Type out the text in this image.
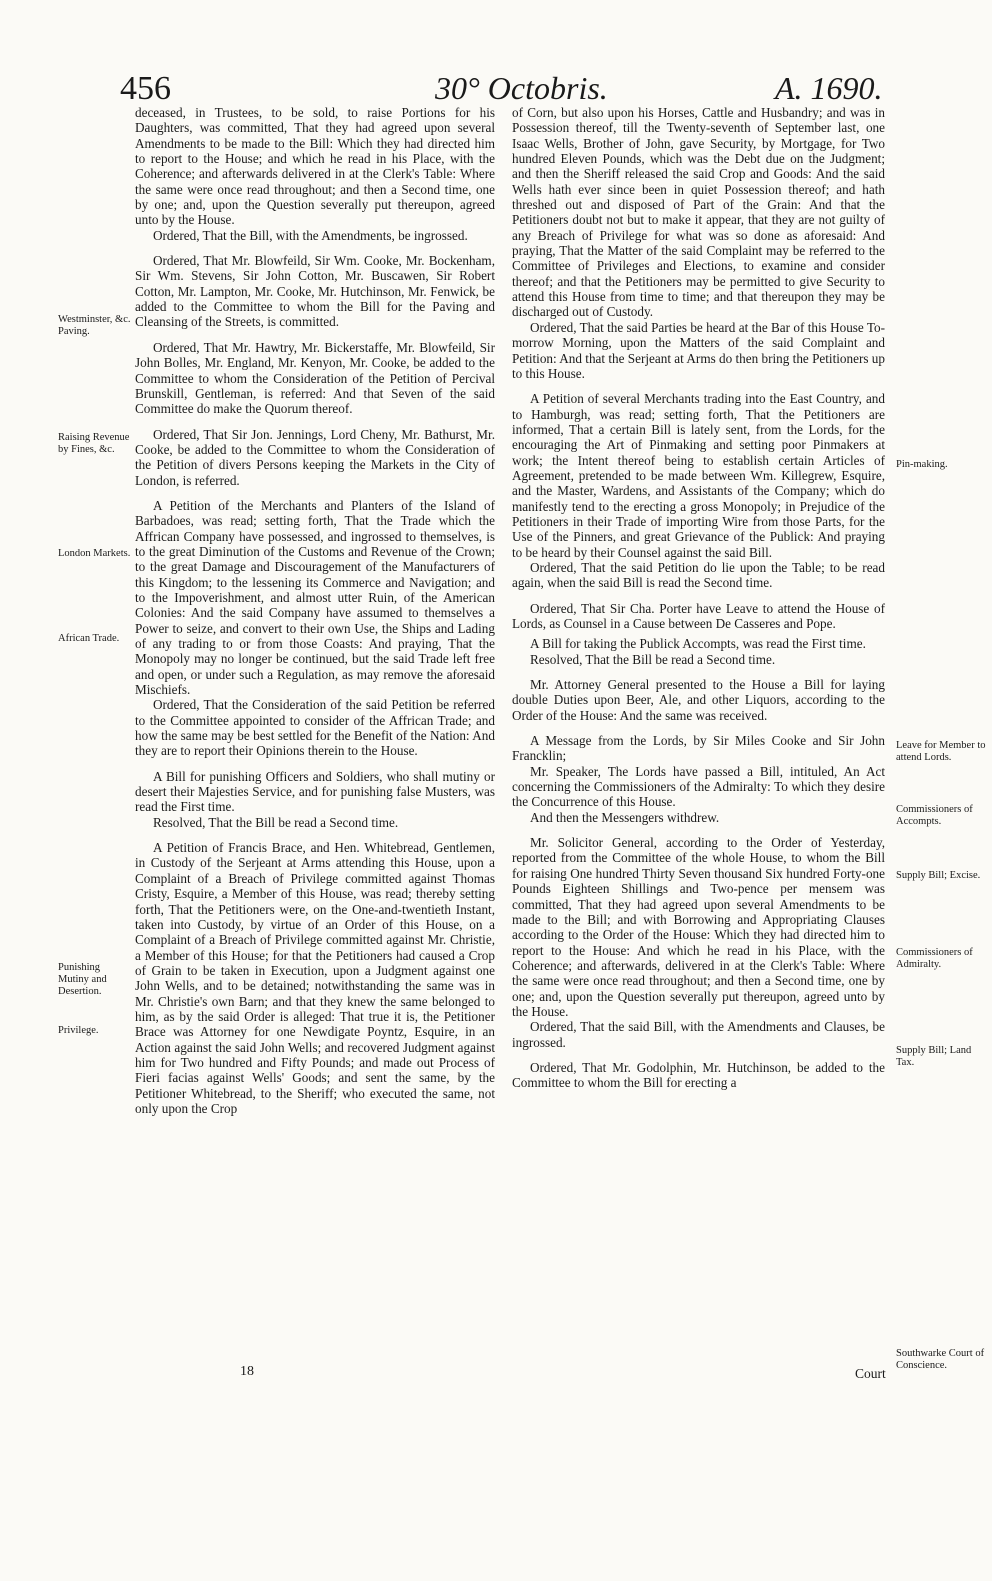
456	30° Octobris.	A. 1690.
Westminster, &c. Paving.
Raising Revenue by Fines, &c.
London Markets.
African Trade.
Punishing Mutiny and Desertion.
Privilege.
Pin-making.
Leave for Member to attend Lords.
Commissioners of Accompts.
Supply Bill; Excise.
Commissioners of Admiralty.
Supply Bill; Land Tax.
Southwarke Court of Conscience.

deceased, in Trustees, to be sold, to raise Portions for his Daughters, was committed, That they had agreed upon several Amendments to be made to the Bill: Which they had directed him to report to the House; and which he read in his Place, with the Coherence; and afterwards delivered in at the Clerk's Table: Where the same were once read throughout; and then a Second time, one by one; and, upon the Question severally put thereupon, agreed unto by the House.

Ordered, That the Bill, with the Amendments, be ingrossed.

Ordered, That Mr. Blowfeild, Sir Wm. Cooke, Mr. Bockenham, Sir Wm. Stevens, Sir John Cotton, Mr. Buscawen, Sir Robert Cotton, Mr. Lampton, Mr. Cooke, Mr. Hutchinson, Mr. Fenwick, be added to the Committee to whom the Bill for the Paving and Cleansing of the Streets, is committed.

Ordered, That Mr. Hawtry, Mr. Bickerstaffe, Mr. Blowfeild, Sir John Bolles, Mr. England, Mr. Kenyon, Mr. Cooke, be added to the Committee to whom the Consideration of the Petition of Percival Brunskill, Gentleman, is referred: And that Seven of the said Committee do make the Quorum thereof.

Ordered, That Sir Jon. Jennings, Lord Cheny, Mr. Bathurst, Mr. Cooke, be added to the Committee to whom the Consideration of the Petition of divers Persons keeping the Markets in the City of London, is referred.

A Petition of the Merchants and Planters of the Island of Barbadoes, was read; setting forth, That the Trade which the Affrican Company have possessed, and ingrossed to themselves, is to the great Diminution of the Customs and Revenue of the Crown; to the great Damage and Discouragement of the Manufacturers of this Kingdom; to the lessening its Commerce and Navigation; and to the Impoverishment, and almost utter Ruin, of the American Colonies: And the said Company have assumed to themselves a Power to seize, and convert to their own Use, the Ships and Lading of any trading to or from those Coasts: And praying, That the Monopoly may no longer be continued, but the said Trade left free and open, or under such a Regulation, as may remove the aforesaid Mischiefs.

Ordered, That the Consideration of the said Petition be referred to the Committee appointed to consider of the Affrican Trade; and how the same may be best settled for the Benefit of the Nation: And they are to report their Opinions therein to the House.

A Bill for punishing Officers and Soldiers, who shall mutiny or desert their Majesties Service, and for punishing false Musters, was read the First time.

Resolved, That the Bill be read a Second time.

A Petition of Francis Brace, and Hen. Whitebread, Gentlemen, in Custody of the Serjeant at Arms attending this House, upon a Complaint of a Breach of Privilege committed against Thomas Cristy, Esquire, a Member of this House, was read; thereby setting forth, That the Petitioners were, on the One-and-twentieth Instant, taken into Custody, by virtue of an Order of this House, on a Complaint of a Breach of Privilege committed against Mr. Christie, a Member of this House; for that the Petitioners had caused a Crop of Grain to be taken in Execution, upon a Judgment against one John Wells, and to be detained; notwithstanding the same was in Mr. Christie's own Barn; and that they knew the same belonged to him, as by the said Order is alleged: That true it is, the Petitioner Brace was Attorney for one Newdigate Poyntz, Esquire, in an Action against the said John Wells; and recovered Judgment against him for Two hundred and Fifty Pounds; and made out Process of Fieri facias against Wells' Goods; and sent the same, by the Petitioner Whitebread, to the Sheriff; who executed the same, not only upon the Crop

of Corn, but also upon his Horses, Cattle and Husbandry; and was in Possession thereof, till the Twenty-seventh of September last, one Isaac Wells, Brother of John, gave Security, by Mortgage, for Two hundred Eleven Pounds, which was the Debt due on the Judgment; and then the Sheriff released the said Crop and Goods: And the said Wells hath ever since been in quiet Possession thereof; and hath threshed out and disposed of Part of the Grain: And that the Petitioners doubt not but to make it appear, that they are not guilty of any Breach of Privilege for what was so done as aforesaid: And praying, That the Matter of the said Complaint may be referred to the Committee of Privileges and Elections, to examine and consider thereof; and that the Petitioners may be permitted to give Security to attend this House from time to time; and that thereupon they may be discharged out of Custody.

Ordered, That the said Parties be heard at the Bar of this House To-morrow Morning, upon the Matters of the said Complaint and Petition: And that the Serjeant at Arms do then bring the Petitioners up to this House.

A Petition of several Merchants trading into the East Country, and to Hamburgh, was read; setting forth, That the Petitioners are informed, That a certain Bill is lately sent, from the Lords, for the encouraging the Art of Pinmaking and setting poor Pinmakers at work; the Intent thereof being to establish certain Articles of Agreement, pretended to be made between Wm. Killegrew, Esquire, and the Master, Wardens, and Assistants of the Company; which do manifestly tend to the erecting a gross Monopoly; in Prejudice of the Petitioners in their Trade of importing Wire from those Parts, for the Use of the Pinners, and great Grievance of the Publick: And praying to be heard by their Counsel against the said Bill.

Ordered, That the said Petition do lie upon the Table; to be read again, when the said Bill is read the Second time.

Ordered, That Sir Cha. Porter have Leave to attend the House of Lords, as Counsel in a Cause between De Casseres and Pope.

A Bill for taking the Publick Accompts, was read the First time.

Resolved, That the Bill be read a Second time.

Mr. Attorney General presented to the House a Bill for laying double Duties upon Beer, Ale, and other Liquors, according to the Order of the House: And the same was received.

A Message from the Lords, by Sir Miles Cooke and Sir John Francklin;

Mr. Speaker, The Lords have passed a Bill, intituled, An Act concerning the Commissioners of the Admiralty: To which they desire the Concurrence of this House.

And then the Messengers withdrew.

Mr. Solicitor General, according to the Order of Yesterday, reported from the Committee of the whole House, to whom the Bill for raising One hundred Thirty Seven thousand Six hundred Forty-one Pounds Eighteen Shillings and Two-pence per mensem was committed, That they had agreed upon several Amendments to be made to the Bill; and with Borrowing and Appropriating Clauses according to the Order of the House: Which they had directed him to report to the House: And which he read in his Place, with the Coherence; and afterwards, delivered in at the Clerk's Table: Where the same were once read throughout; and then a Second time, one by one; and, upon the Question severally put thereupon, agreed unto by the House.

Ordered, That the said Bill, with the Amendments and Clauses, be ingrossed.

Ordered, That Mr. Godolphin, Mr. Hutchinson, be added to the Committee to whom the Bill for erecting a

18	Court
